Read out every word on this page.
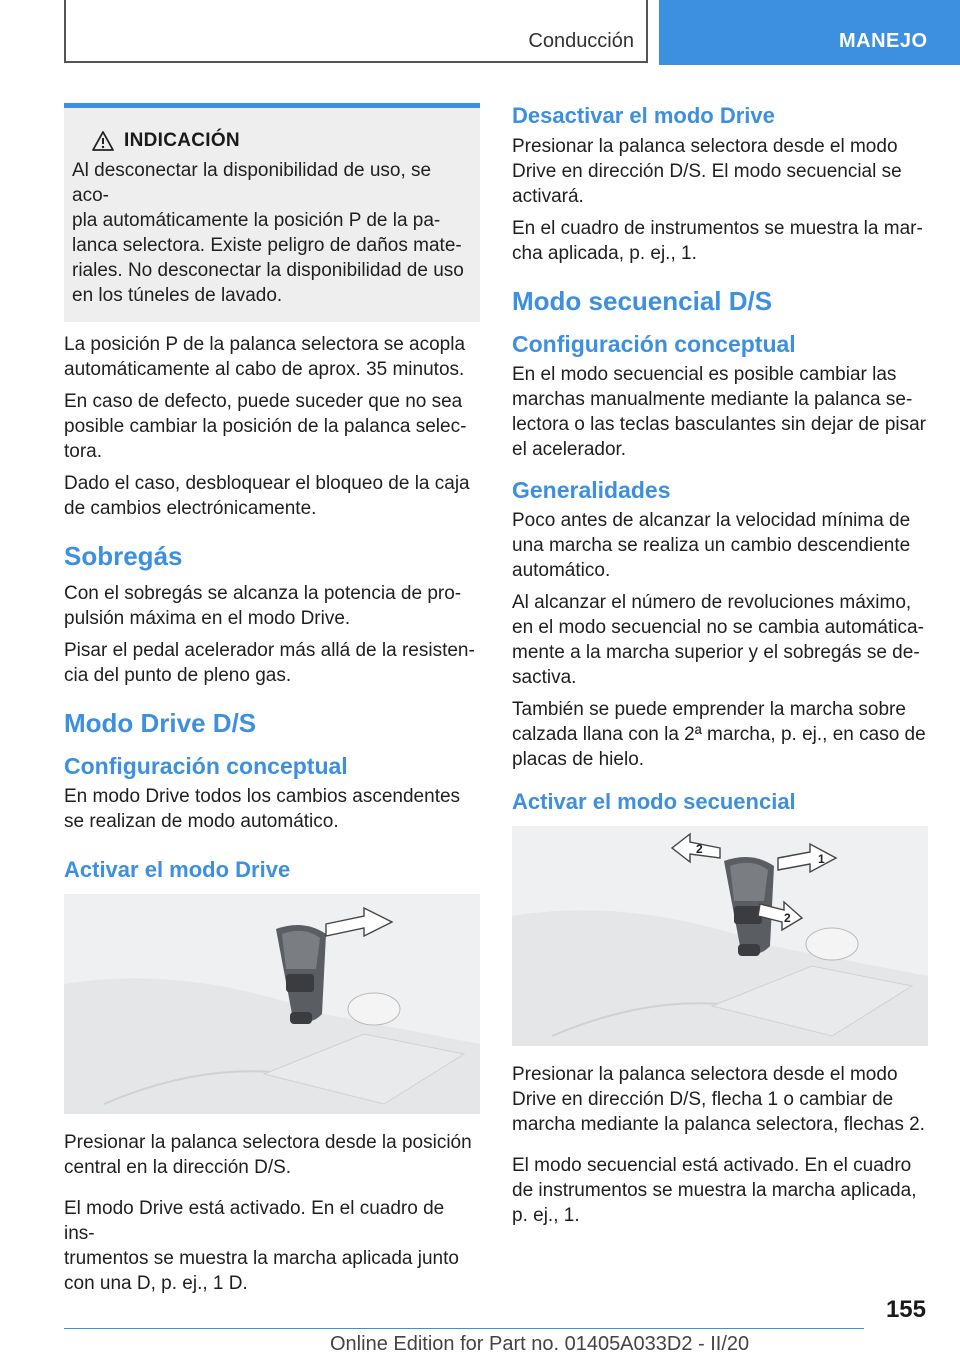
Conducción	MANEJO
INDICACIÓN

Al desconectar la disponibilidad de uso, se aco-

pla automáticamente la posición P de la pa-

lanca selectora. Existe peligro de daños mate-

riales. No desconectar la disponibilidad de uso

en los túneles de lavado.

La posición P de la palanca selectora se acopla
automáticamente al cabo de aprox. 35 minutos.

En caso de defecto, puede suceder que no sea
posible cambiar la posición de la palanca selec-
tora.

Dado el caso, desbloquear el bloqueo de la caja
de cambios electrónicamente.

Sobregás

Con el sobregás se alcanza la potencia de pro-
pulsión máxima en el modo Drive.

Pisar el pedal acelerador más allá de la resisten-
cia del punto de pleno gas.

Modo Drive D/S
Configuración conceptual

En modo Drive todos los cambios ascendentes
se realizan de modo automático.

Activar el modo Drive

Presionar la palanca selectora desde la posición
central en la dirección D/S.

El modo Drive está activado. En el cuadro de ins-
trumentos se muestra la marcha aplicada junto
con una D, p. ej., 1 D.

Desactivar el modo Drive

Presionar la palanca selectora desde el modo
Drive en dirección D/S. El modo secuencial se
activará.

En el cuadro de instrumentos se muestra la mar-
cha aplicada, p. ej., 1.

Modo secuencial D/S
Configuración conceptual

En el modo secuencial es posible cambiar las
marchas manualmente mediante la palanca se-
lectora o las teclas basculantes sin dejar de pisar
el acelerador.

Generalidades

Poco antes de alcanzar la velocidad mínima de
una marcha se realiza un cambio descendiente
automático.

Al alcanzar el número de revoluciones máximo,
en el modo secuencial no se cambia automática-
mente a la marcha superior y el sobregás se de-
sactiva.

También se puede emprender la marcha sobre
calzada llana con la 2ª marcha, p. ej., en caso de
placas de hielo.

Activar el modo secuencial
1
2
2

Presionar la palanca selectora desde el modo
Drive en dirección D/S, flecha 1 o cambiar de
marcha mediante la palanca selectora, flechas 2.

El modo secuencial está activado. En el cuadro
de instrumentos se muestra la marcha aplicada,
p. ej., 1.

155
Online Edition for Part no. 01405A033D2 - II/20
